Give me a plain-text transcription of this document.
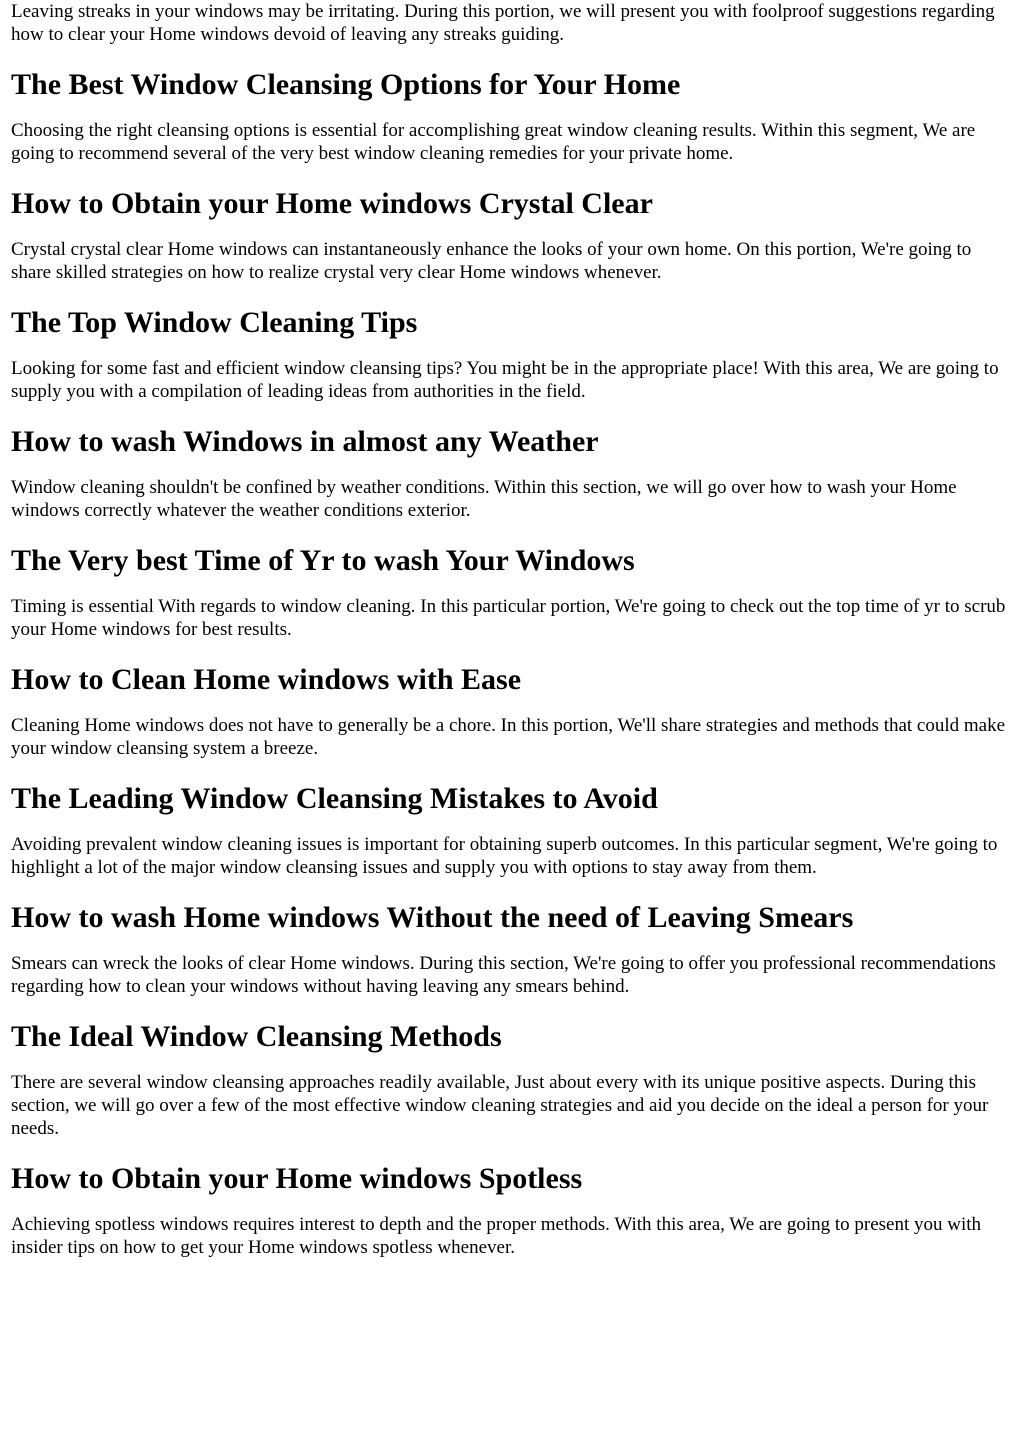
Leaving streaks in your windows may be irritating. During this portion, we will present you with foolproof suggestions regarding how to clear your Home windows devoid of leaving any streaks guiding.

The Best Window Cleansing Options for Your Home

Choosing the right cleansing options is essential for accomplishing great window cleaning results. Within this segment, We are going to recommend several of the very best window cleaning remedies for your private home.

How to Obtain your Home windows Crystal Clear

Crystal crystal clear Home windows can instantaneously enhance the looks of your own home. On this portion, We're going to share skilled strategies on how to realize crystal very clear Home windows whenever.

The Top Window Cleaning Tips

Looking for some fast and efficient window cleansing tips? You might be in the appropriate place! With this area, We are going to supply you with a compilation of leading ideas from authorities in the field.

How to wash Windows in almost any Weather

Window cleaning shouldn't be confined by weather conditions. Within this section, we will go over how to wash your Home windows correctly whatever the weather conditions exterior.

The Very best Time of Yr to wash Your Windows

Timing is essential With regards to window cleaning. In this particular portion, We're going to check out the top time of yr to scrub your Home windows for best results.

How to Clean Home windows with Ease

Cleaning Home windows does not have to generally be a chore. In this portion, We'll share strategies and methods that could make your window cleansing system a breeze.

The Leading Window Cleansing Mistakes to Avoid

Avoiding prevalent window cleaning issues is important for obtaining superb outcomes. In this particular segment, We're going to highlight a lot of the major window cleansing issues and supply you with options to stay away from them.

How to wash Home windows Without the need of Leaving Smears

Smears can wreck the looks of clear Home windows. During this section, We're going to offer you professional recommendations regarding how to clean your windows without having leaving any smears behind.

The Ideal Window Cleansing Methods

There are several window cleansing approaches readily available, Just about every with its unique positive aspects. During this section, we will go over a few of the most effective window cleaning strategies and aid you decide on the ideal a person for your needs.

How to Obtain your Home windows Spotless

Achieving spotless windows requires interest to depth and the proper methods. With this area, We are going to present you with insider tips on how to get your Home windows spotless whenever.
